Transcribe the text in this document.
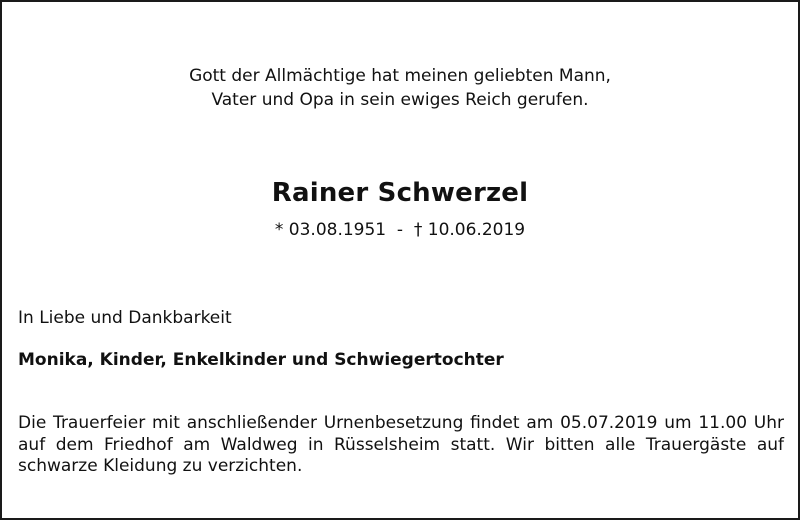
Gott der Allmächtige hat meinen geliebten Mann,
Vater und Opa in sein ewiges Reich gerufen.
Rainer Schwerzel
* 03.08.1951  -  † 10.06.2019
In Liebe und Dankbarkeit
Monika, Kinder, Enkelkinder und Schwiegertochter
Die Trauerfeier mit anschließender Urnenbesetzung findet am 05.07.2019 um 11.00 Uhr auf dem Friedhof am Waldweg in Rüsselsheim statt. Wir bitten alle Trauergäste auf schwarze Kleidung zu verzichten.
